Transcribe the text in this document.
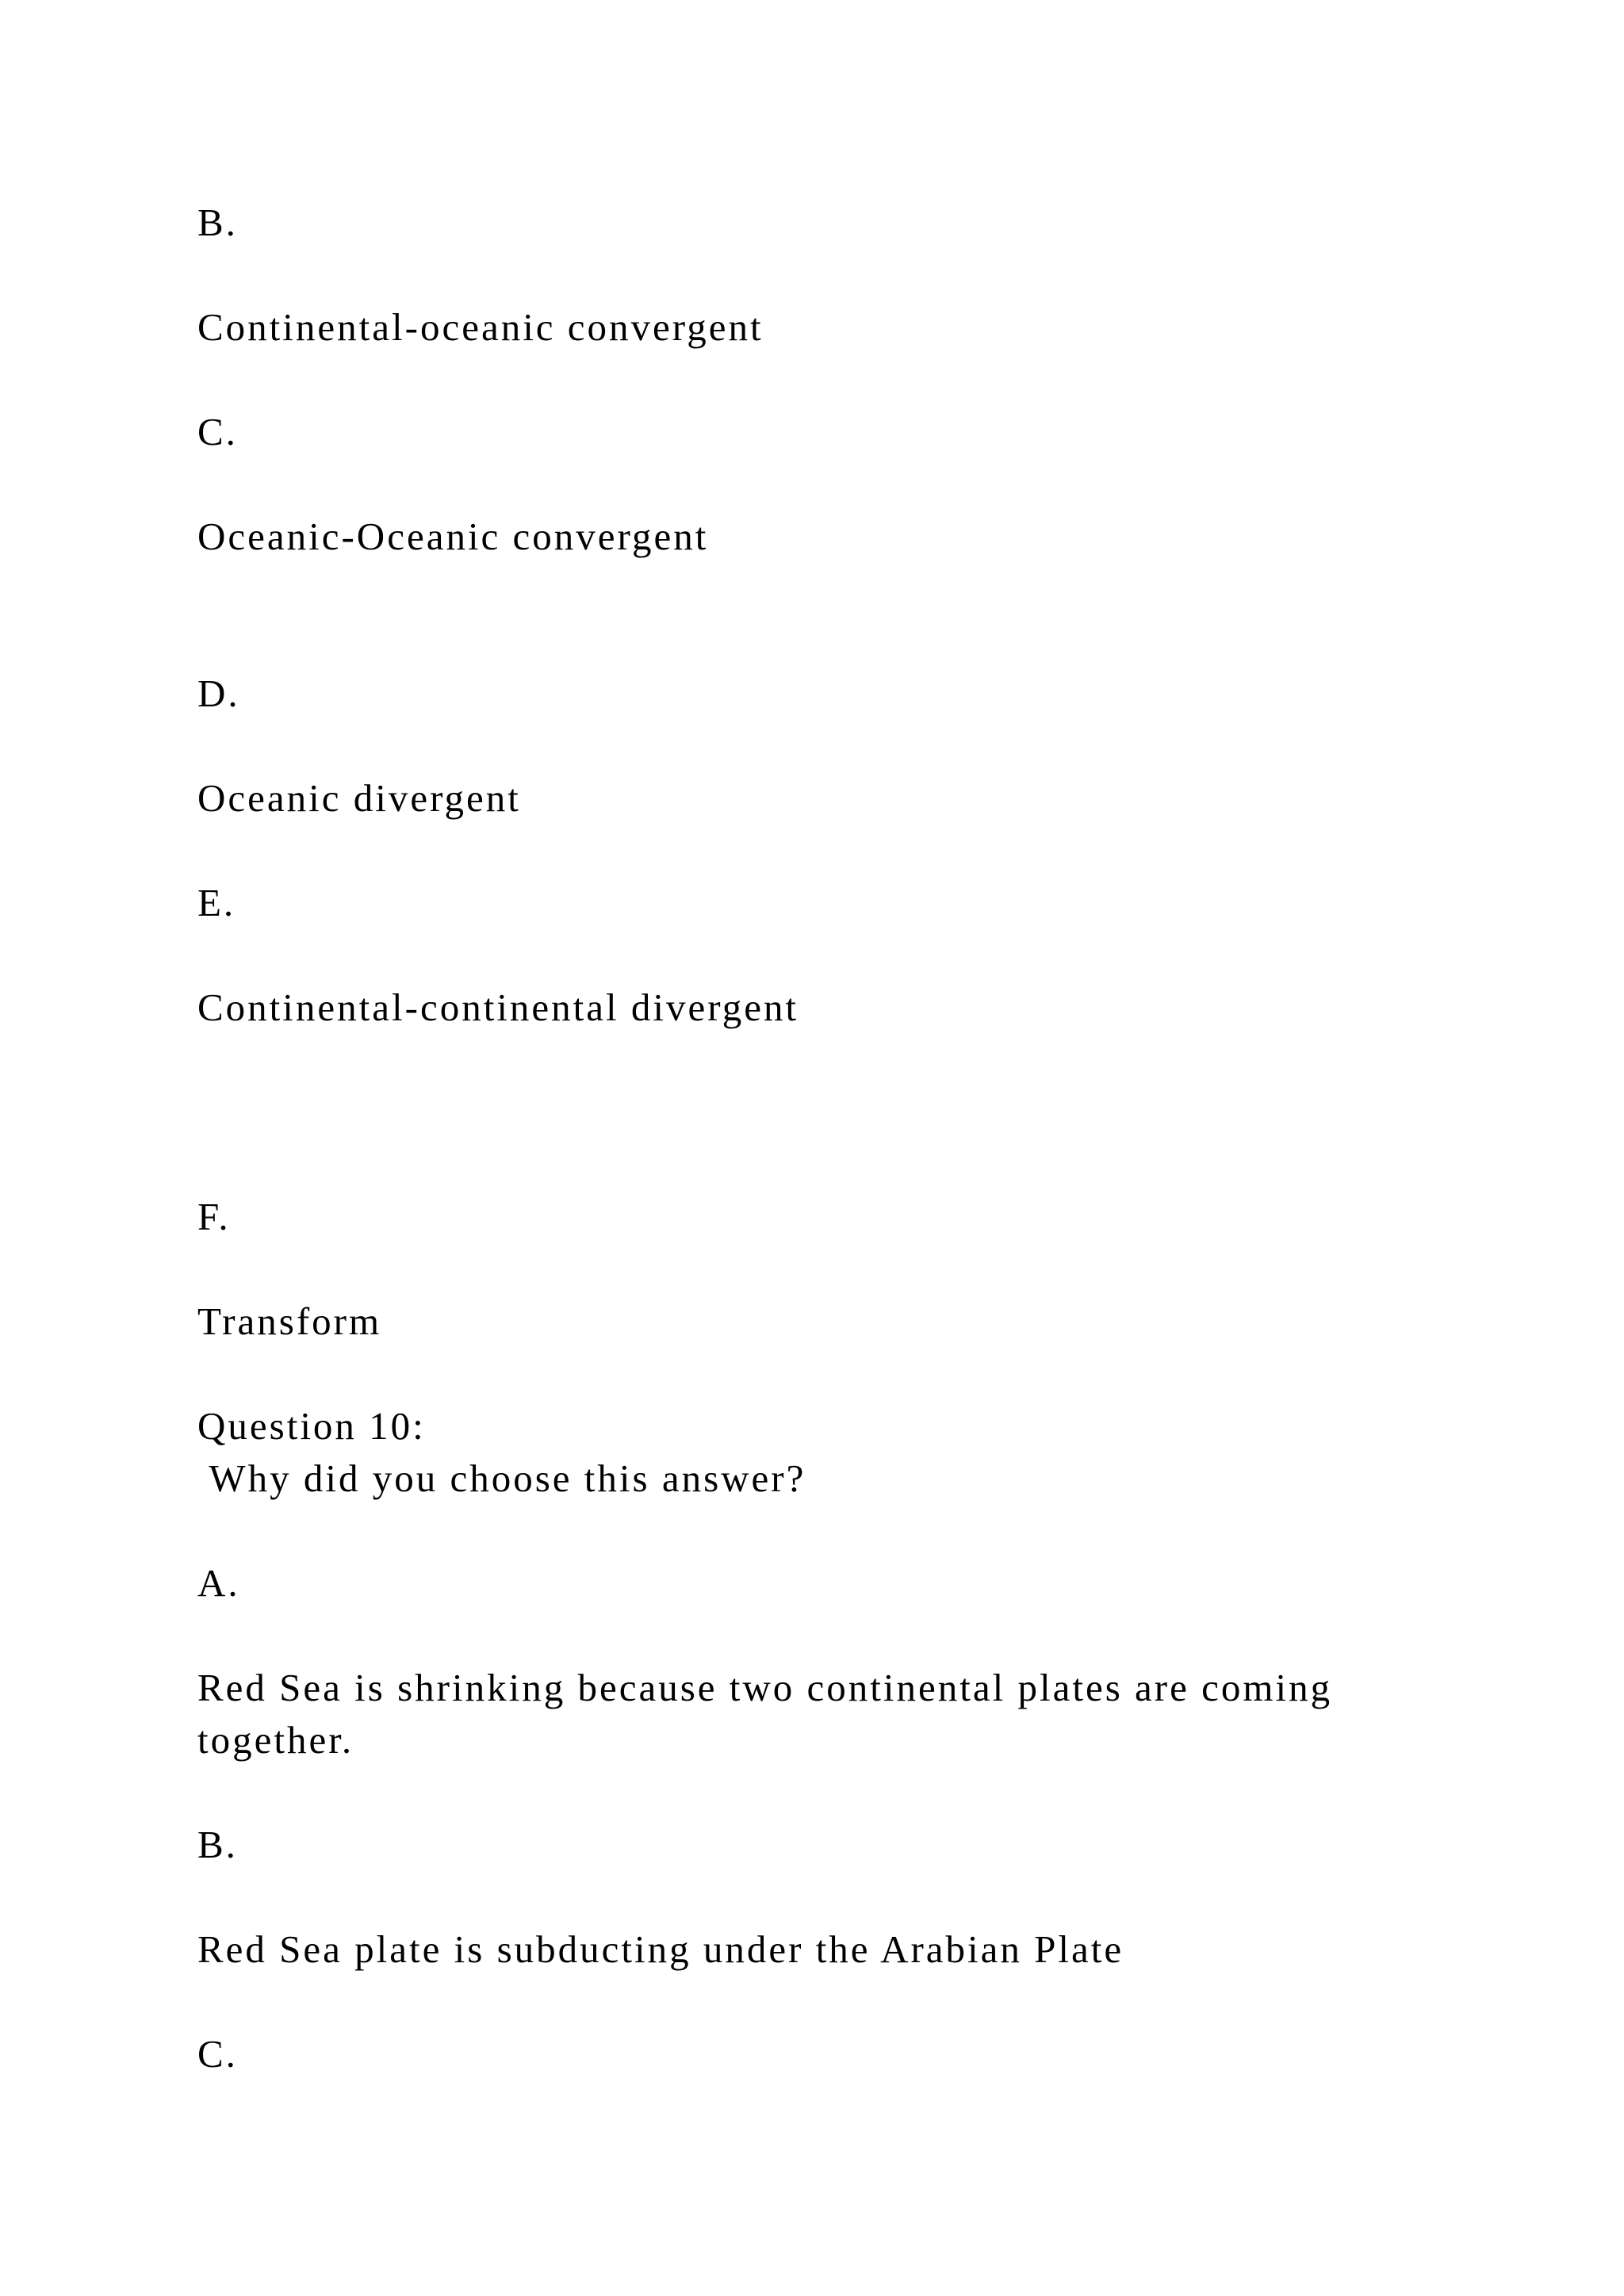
B.

Continental-oceanic convergent

C.

Oceanic-Oceanic convergent

D.

Oceanic divergent

E.

Continental-continental divergent

F.

Transform

Question 10:

Why did you choose this answer?

A.

Red Sea is shrinking because two continental plates are coming

together.

B.

Red Sea plate is subducting under the Arabian Plate

C.
